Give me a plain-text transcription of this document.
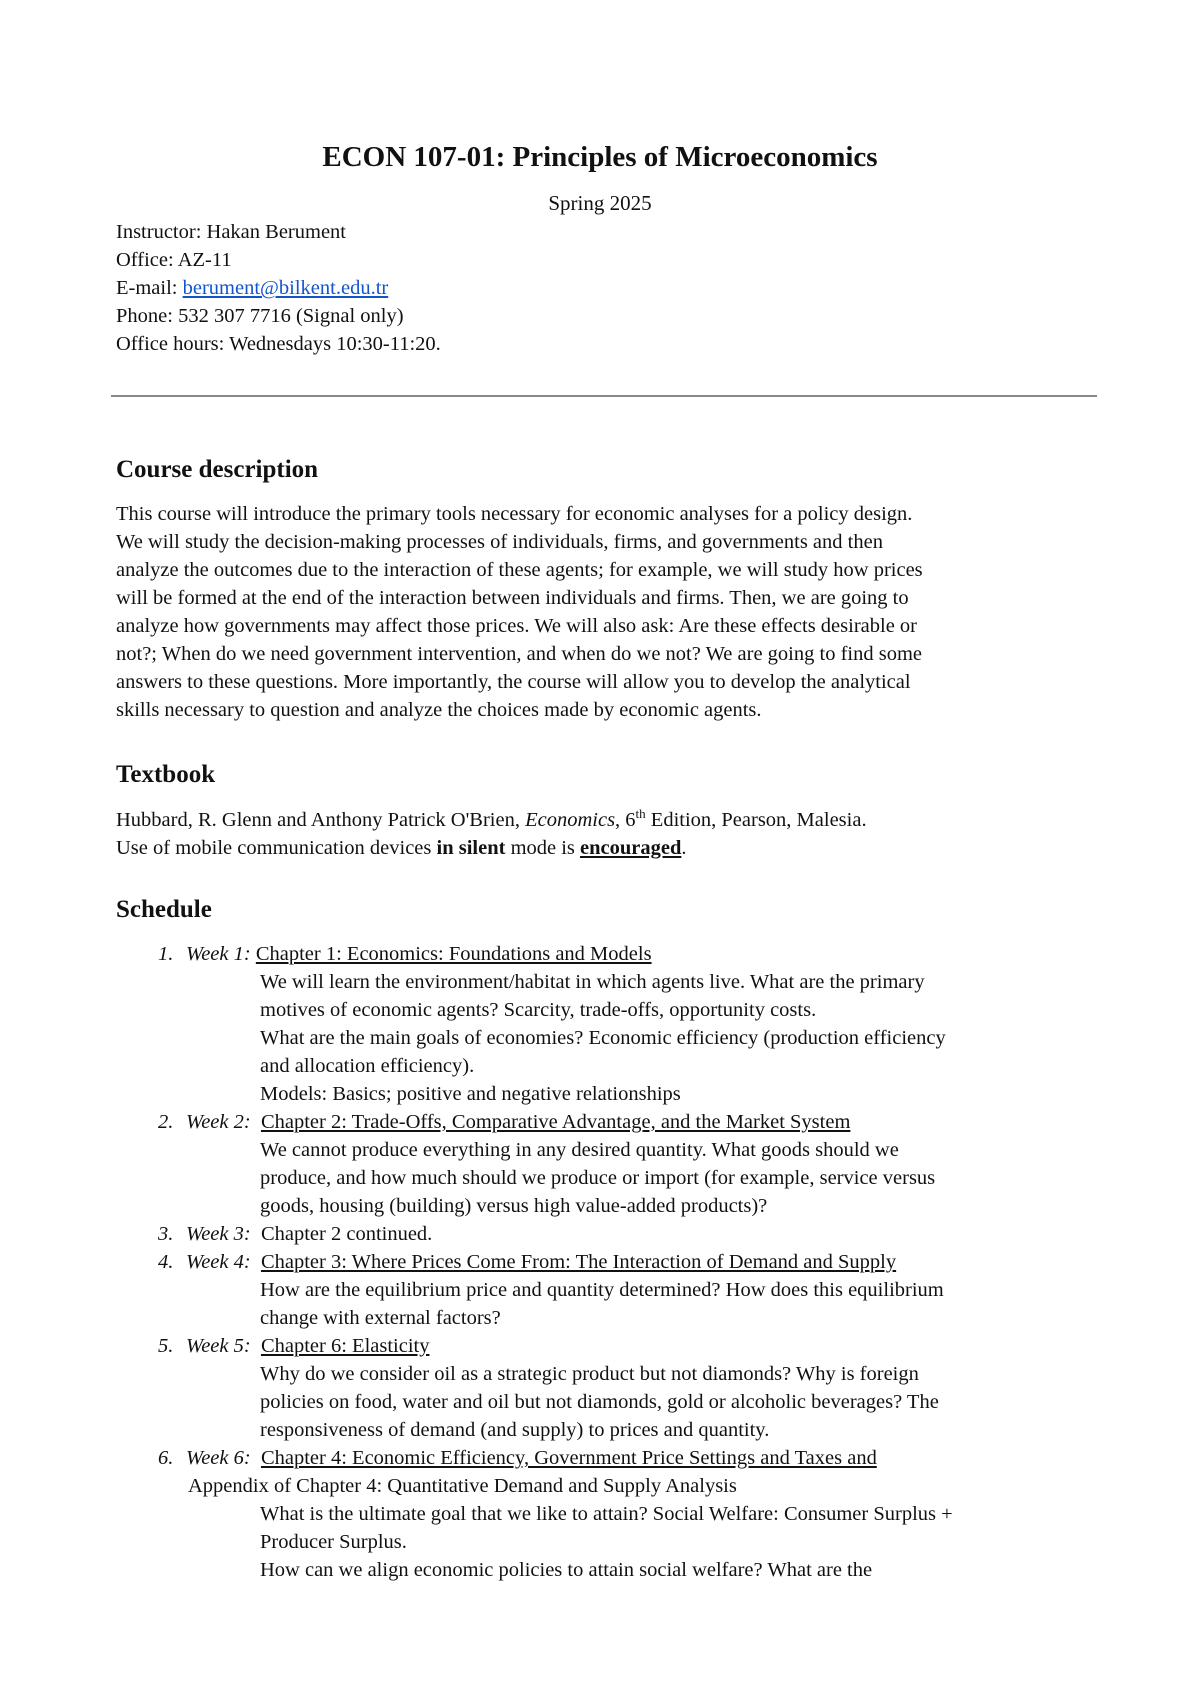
ECON 107-01: Principles of Microeconomics
Spring 2025
Instructor: Hakan Berument
Office: AZ-11
E-mail: berument@bilkent.edu.tr
Phone: 532 307 7716 (Signal only)
Office hours: Wednesdays 10:30-11:20.
Course description
This course will introduce the primary tools necessary for economic analyses for a policy design.
We will study the decision-making processes of individuals, firms, and governments and then
analyze the outcomes due to the interaction of these agents; for example, we will study how prices
will be formed at the end of the interaction between individuals and firms. Then, we are going to
analyze how governments may affect those prices. We will also ask: Are these effects desirable or
not?; When do we need government intervention, and when do we not? We are going to find some
answers to these questions. More importantly, the course will allow you to develop the analytical
skills necessary to question and analyze the choices made by economic agents.
Textbook
Hubbard, R. Glenn and Anthony Patrick O'Brien, Economics, 6th Edition, Pearson, Malesia.
Use of mobile communication devices in silent mode is encouraged.
Schedule
1. Week 1: Chapter 1: Economics: Foundations and Models
We will learn the environment/habitat in which agents live. What are the primary
motives of economic agents? Scarcity, trade-offs, opportunity costs.
What are the main goals of economies? Economic efficiency (production efficiency
and allocation efficiency).
Models: Basics; positive and negative relationships
2. Week 2: Chapter 2: Trade-Offs, Comparative Advantage, and the Market System
We cannot produce everything in any desired quantity. What goods should we
produce, and how much should we produce or import (for example, service versus
goods, housing (building) versus high value-added products)?
3. Week 3: Chapter 2 continued.
4. Week 4: Chapter 3: Where Prices Come From: The Interaction of Demand and Supply
How are the equilibrium price and quantity determined? How does this equilibrium
change with external factors?
5. Week 5: Chapter 6: Elasticity
Why do we consider oil as a strategic product but not diamonds? Why is foreign
policies on food, water and oil but not diamonds, gold or alcoholic beverages? The
responsiveness of demand (and supply) to prices and quantity.
6. Week 6: Chapter 4: Economic Efficiency, Government Price Settings and Taxes and
Appendix of Chapter 4: Quantitative Demand and Supply Analysis
What is the ultimate goal that we like to attain? Social Welfare: Consumer Surplus +
Producer Surplus.
How can we align economic policies to attain social welfare? What are the
